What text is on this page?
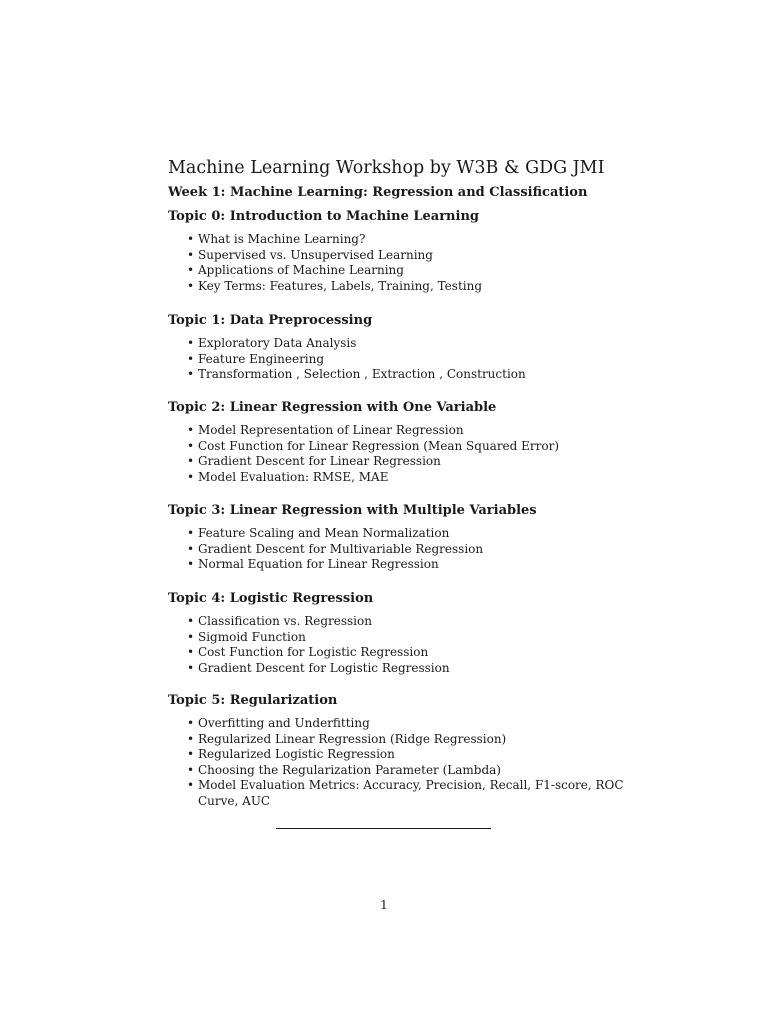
Machine Learning Workshop by W3B & GDG JMI
Week 1: Machine Learning: Regression and Classification
Topic 0: Introduction to Machine Learning
• What is Machine Learning?
• Supervised vs. Unsupervised Learning
• Applications of Machine Learning
• Key Terms: Features, Labels, Training, Testing
Topic 1: Data Preprocessing
• Exploratory Data Analysis
• Feature Engineering
• Transformation , Selection , Extraction , Construction
Topic 2: Linear Regression with One Variable
• Model Representation of Linear Regression
• Cost Function for Linear Regression (Mean Squared Error)
• Gradient Descent for Linear Regression
• Model Evaluation: RMSE, MAE
Topic 3: Linear Regression with Multiple Variables
• Feature Scaling and Mean Normalization
• Gradient Descent for Multivariable Regression
• Normal Equation for Linear Regression
Topic 4: Logistic Regression
• Classification vs. Regression
• Sigmoid Function
• Cost Function for Logistic Regression
• Gradient Descent for Logistic Regression
Topic 5: Regularization
• Overfitting and Underfitting
• Regularized Linear Regression (Ridge Regression)
• Regularized Logistic Regression
• Choosing the Regularization Parameter (Lambda)
• Model Evaluation Metrics: Accuracy, Precision, Recall, F1-score, ROC Curve, AUC
1
